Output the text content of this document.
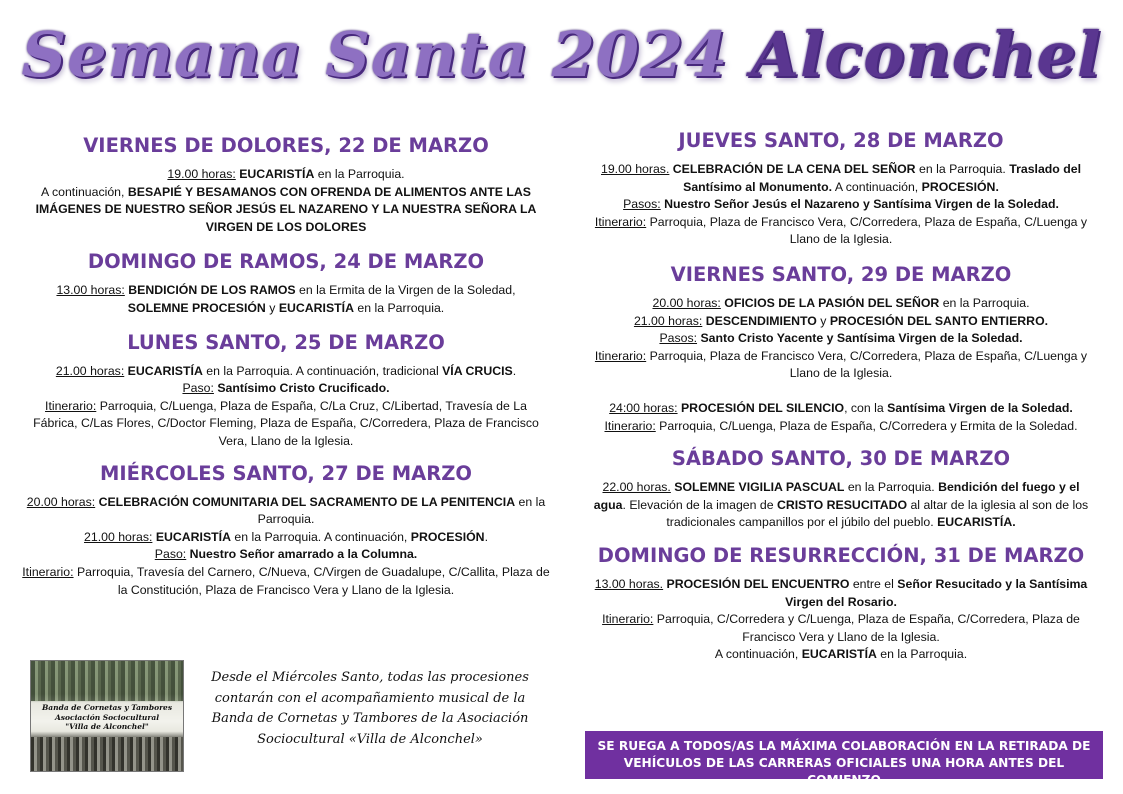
Semana Santa 2024 Alconchel
VIERNES DE DOLORES, 22 DE MARZO

19.00 horas: EUCARISTÍA en la Parroquia.
A continuación, BESAPIÉ Y BESAMANOS CON OFRENDA DE ALIMENTOS ANTE LAS IMÁGENES DE NUESTRO SEÑOR JESÚS EL NAZARENO Y LA NUESTRA SEÑORA LA VIRGEN DE LOS DOLORES

DOMINGO DE RAMOS, 24 DE MARZO

13.00 horas: BENDICIÓN DE LOS RAMOS en la Ermita de la Virgen de la Soledad,
SOLEMNE PROCESIÓN y EUCARISTÍA en la Parroquia.

LUNES SANTO, 25 DE MARZO

21.00 horas: EUCARISTÍA en la Parroquia. A continuación, tradicional VÍA CRUCIS.
Paso: Santísimo Cristo Crucificado.
Itinerario: Parroquia, C/Luenga, Plaza de España, C/La Cruz, C/Libertad, Travesía de La Fábrica, C/Las Flores, C/Doctor Fleming, Plaza de España, C/Corredera, Plaza de Francisco Vera, Llano de la Iglesia.

MIÉRCOLES SANTO, 27 DE MARZO

20.00 horas: CELEBRACIÓN COMUNITARIA DEL SACRAMENTO DE LA PENITENCIA en la Parroquia.
21.00 horas: EUCARISTÍA en la Parroquia. A continuación, PROCESIÓN.
Paso: Nuestro Señor amarrado a la Columna.
Itinerario: Parroquia, Travesía del Carnero, C/Nueva, C/Virgen de Guadalupe, C/Callita, Plaza de la Constitución, Plaza de Francisco Vera y Llano de la Iglesia.

JUEVES SANTO, 28 DE MARZO

19.00 horas. CELEBRACIÓN DE LA CENA DEL SEÑOR en la Parroquia. Traslado del Santísimo al Monumento. A continuación, PROCESIÓN.
Pasos: Nuestro Señor Jesús el Nazareno y Santísima Virgen de la Soledad.
Itinerario: Parroquia, Plaza de Francisco Vera, C/Corredera, Plaza de España, C/Luenga y Llano de la Iglesia.

VIERNES SANTO, 29 DE MARZO

20.00 horas: OFICIOS DE LA PASIÓN DEL SEÑOR en la Parroquia.
21.00 horas: DESCENDIMIENTO y PROCESIÓN DEL SANTO ENTIERRO.
Pasos: Santo Cristo Yacente y Santísima Virgen de la Soledad.
Itinerario: Parroquia, Plaza de Francisco Vera, C/Corredera, Plaza de España, C/Luenga y Llano de la Iglesia.

24:00 horas: PROCESIÓN DEL SILENCIO, con la Santísima Virgen de la Soledad.
Itinerario: Parroquia, C/Luenga, Plaza de España, C/Corredera y Ermita de la Soledad.

SÁBADO SANTO, 30 DE MARZO

22.00 horas. SOLEMNE VIGILIA PASCUAL en la Parroquia. Bendición del fuego y el agua. Elevación de la imagen de CRISTO RESUCITADO al altar de la iglesia al son de los tradicionales campanillos por el júbilo del pueblo. EUCARISTÍA.

DOMINGO DE RESURRECCIÓN, 31 DE MARZO

13.00 horas. PROCESIÓN DEL ENCUENTRO entre el Señor Resucitado y la Santísima Virgen del Rosario.
Itinerario: Parroquia, C/Corredera y C/Luenga, Plaza de España, C/Corredera, Plaza de Francisco Vera y Llano de la Iglesia.
A continuación, EUCARISTÍA en la Parroquia.

Banda de Cornetas y Tambores
Asociación Sociocultural
"Villa de Alconchel"
Desde el Miércoles Santo, todas las procesiones contarán con el acompañamiento musical de la Banda de Cornetas y Tambores de la Asociación Sociocultural «Villa de Alconchel»	SE RUEGA A TODOS/AS LA MÁXIMA COLABORACIÓN EN LA RETIRADA DE
VEHÍCULOS DE LAS CARRERAS OFICIALES UNA HORA ANTES DEL COMIENZO
